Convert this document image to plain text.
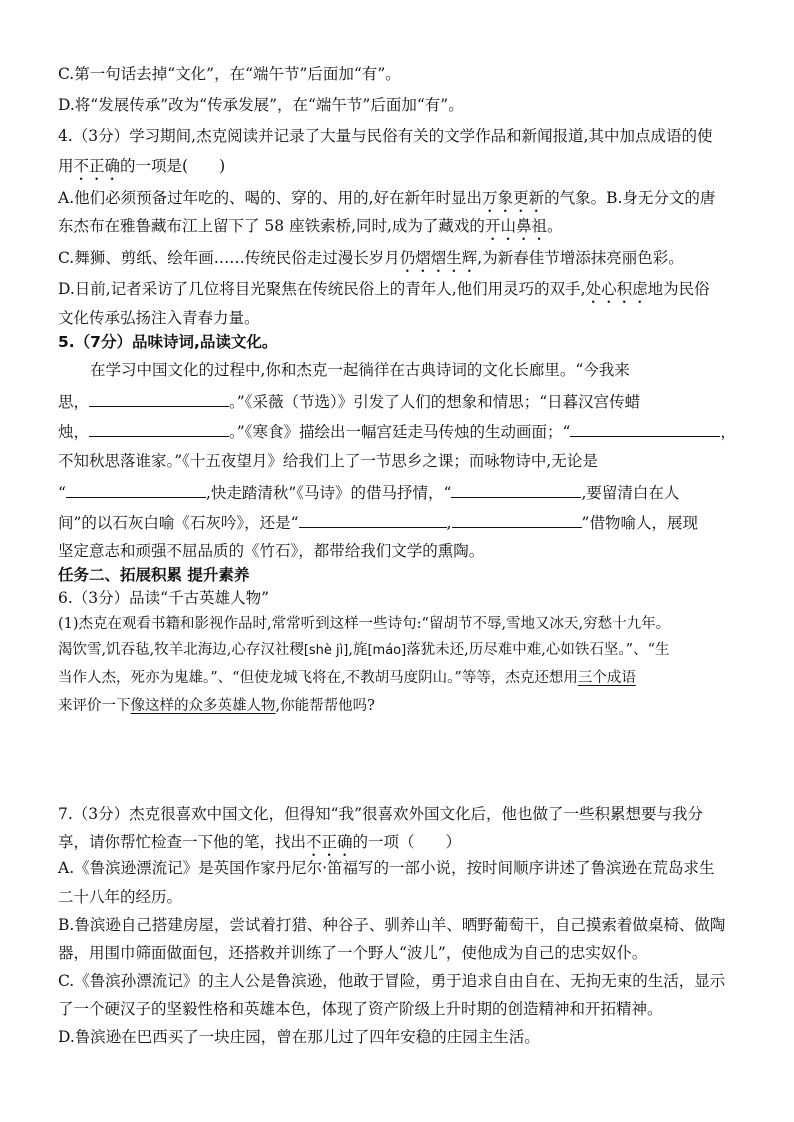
C.第一句话去掉“文化”，在“端午节”后面加“有”。
D.将“发展传承”改为“传承发展”，在“端午节”后面加“有”。
4.（3分）学习期间,杰克阅读并记录了大量与民俗有关的文学作品和新闻报道,其中加点成语的使
用不正确的一项是(　　)
A.他们必须预备过年吃的、喝的、穿的、用的,好在新年时显出万象更新的气象。B.身无分文的唐
东杰布在雅鲁藏布江上留下了 58 座铁索桥,同时,成为了藏戏的开山鼻祖。
C.舞狮、剪纸、绘年画……传统民俗走过漫长岁月仍熠熠生辉,为新春佳节增添抹亮丽色彩。
D.日前,记者采访了几位将目光聚焦在传统民俗上的青年人,他们用灵巧的双手,处心积虑地为民俗
文化传承弘扬注入青春力量。
5.（7分）品味诗词,品读文化。
在学习中国文化的过程中,你和杰克一起徜徉在古典诗词的文化长廊里。“今我来
思，	。”《采薇（节选）》引发了人们的想象和情思；“日暮汉宫传蜡
烛，	。”《寒食》描绘出一幅宫廷走马传烛的生动画面；“	，
不知秋思落谁家。”《十五夜望月》给我们上了一节思乡之课；而咏物诗中,无论是
“	,快走踏清秋”《马诗》的借马抒情，“	,要留清白在人
间”的以石灰白喻《石灰吟》，还是“	,	”借物喻人，展现
坚定意志和顽强不屈品质的《竹石》，都带给我们文学的熏陶。
任务二、拓展积累 提升素养
6.（3分）品读“千古英雄人物”
(1)杰克在观看书籍和影视作品时,常常听到这样一些诗句:“留胡节不辱,雪地又冰天,穷愁十九年。
渴饮雪,饥吞毡,牧羊北海边,心存汉社稷[shè jì],旄[máo]落犹未还,历尽难中难,心如铁石坚。”、“生
当作人杰，死亦为鬼雄。”、“但使龙城飞将在,不教胡马度阴山。”等等，杰克还想用三个成语
来评价一下像这样的众多英雄人物,你能帮帮他吗?
7.（3分）杰克很喜欢中国文化，但得知“我”很喜欢外国文化后，他也做了一些积累想要与我分
享，请你帮忙检查一下他的笔，找出不正确的一项（　　）
A.《鲁滨逊漂流记》是英国作家丹尼尔·笛福写的一部小说，按时间顺序讲述了鲁滨逊在荒岛求生
二十八年的经历。
B.鲁滨逊自己搭建房屋，尝试着打猎、种谷子、驯养山羊、晒野葡萄干，自己摸索着做桌椅、做陶
器，用围巾筛面做面包，还搭救并训练了一个野人“波儿”，使他成为自己的忠实奴仆。
C.《鲁滨孙漂流记》的主人公是鲁滨逊，他敢于冒险，勇于追求自由自在、无拘无束的生活，显示
了一个硬汉子的坚毅性格和英雄本色，体现了资产阶级上升时期的创造精神和开拓精神。
D.鲁滨逊在巴西买了一块庄园，曾在那儿过了四年安稳的庄园主生活。
